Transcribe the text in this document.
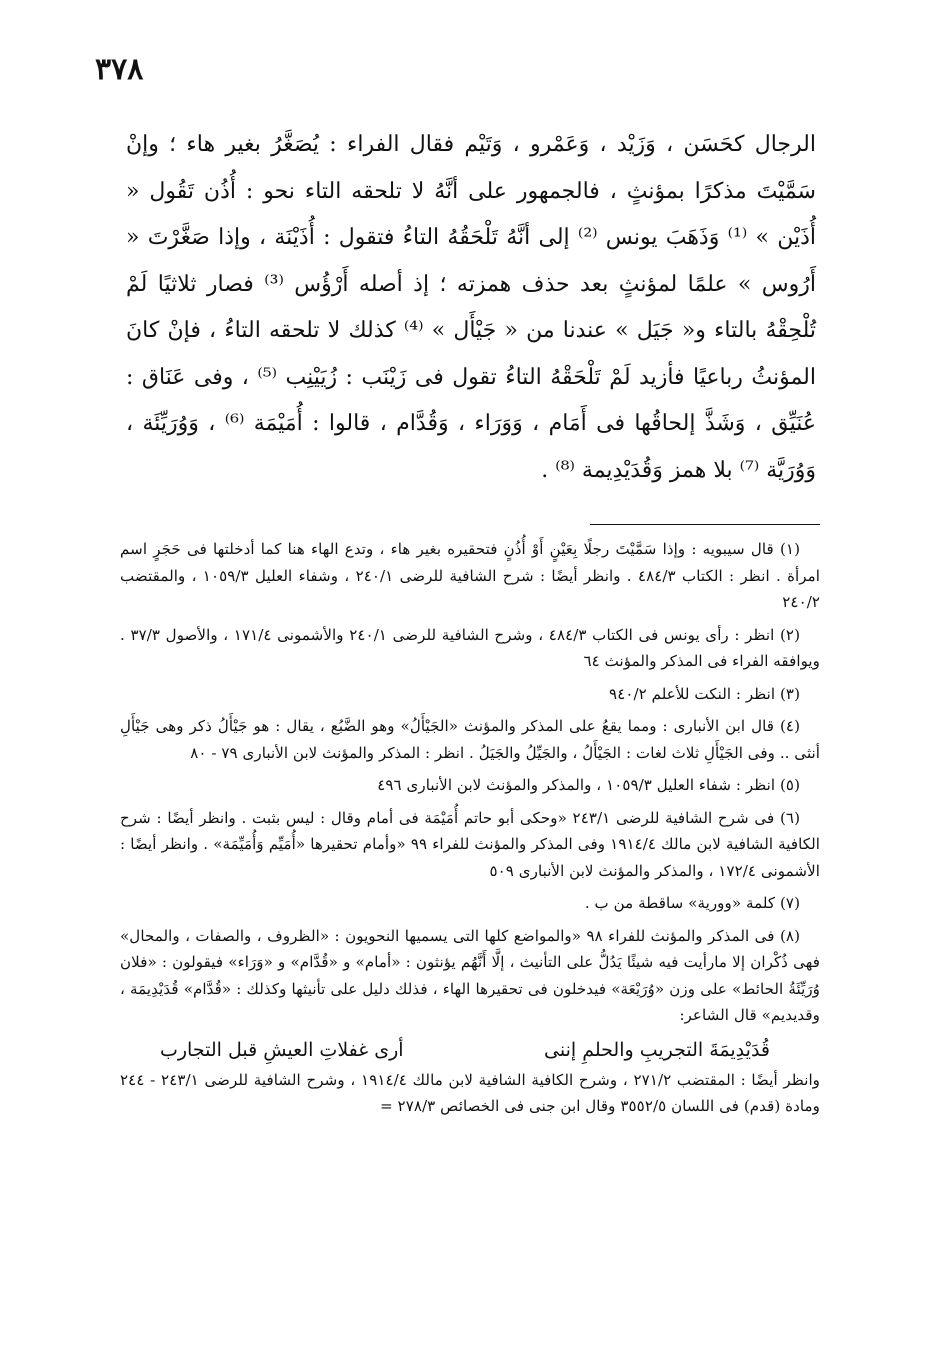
٣٧٨

الرجال كحَسَن ، وَزَيْد ، وَعَمْرو ، وَتَيْم فقال الفراء : يُصَغَّرُ بغير هاء ؛ وإنْ سَمَّيْتَ مذكرًا بمؤنثٍ ، فالجمهور على أنَّهُ لا تلحقه التاء نحو : أُذُن تَقُول « أُذَيْن » ⁽¹⁾ وَذَهَبَ يونس ⁽²⁾ إلى أنَّهُ تَلْحَقُهُ التاءُ فتقول : أُذَيْنَة ، وإذا صَغَّرْتَ « أَرُوس » علمًا لمؤنثٍ بعد حذف همزته ؛ إذ أصله أَرْؤُس ⁽³⁾ فصار ثلاثيًا لَمْ تُلْحِقْهُ بالتاء و« جَيَل » عندنا من « جَيْأَل » ⁽⁴⁾ كذلك لا تلحقه التاءُ ، فإنْ كانَ المؤنثُ رباعيًا فأزيد لَمْ تَلْحَقْهُ التاءُ تقول فى زَيْنَب : زُيَيْنِب ⁽⁵⁾ ، وفى عَنَاق : عُنَيِّق ، وَشَذَّ إلحاقُها فى أَمَام ، وَوَرَاء ، وَقُدَّام ، قالوا : أُمَيْمَة ⁽⁶⁾ ، وَوُرَيِّئَة ، وَوُرَيَّة ⁽⁷⁾ بلا همز وَقُدَيْدِيمة ⁽⁸⁾ .

(١) قال سيبويه : وإذا سَمَّيْتَ رجلًا بِعَيْنٍ أَوْ أُذُنٍ فتحقيره بغير هاء ، وتدع الهاء هنا كما أدخلتها فى حَجَرٍ اسم امرأة . انظر : الكتاب ٤٨٤/٣ . وانظر أيضًا : شرح الشافية للرضى ٢٤٠/١ ، وشفاء العليل ١٠٥٩/٣ ، والمقتضب ٢٤٠/٢

(٢) انظر : رأى يونس فى الكتاب ٤٨٤/٣ ، وشرح الشافية للرضى ٢٤٠/١ والأشمونى ١٧١/٤ ، والأصول ٣٧/٣ . ويوافقه الفراء فى المذكر والمؤنث ٦٤

(٣) انظر : النكت للأعلم ٩٤٠/٢

(٤) قال ابن الأنبارى : ومما يقعُ على المذكر والمؤنث «الجَيْأَلُ» وهو الضَّبُع ، يقال : هو جَيْأَلُ ذكر وهى جَيْأَلِ أنثى .. وفى الجَيْأَلِ ثلاث لغات : الجَيْأَلُ ، والجَيِّلُ والجَيَلُ . انظر : المذكر والمؤنث لابن الأنبارى ٧٩ - ٨٠

(٥) انظر : شفاء العليل ١٠٥٩/٣ ، والمذكر والمؤنث لابن الأنبارى ٤٩٦

(٦) فى شرح الشافية للرضى ٢٤٣/١ «وحكى أبو حاتم أُمَيْمَة فى أمام وقال : ليس بثبت . وانظر أيضًا : شرح الكافية الشافية لابن مالك ١٩١٤/٤ وفى المذكر والمؤنث للفراء ٩٩ «وأمام تحقيرها «أُمَيِّم وَأُمَيِّمَة» . وانظر أيضًا : الأشمونى ١٧٢/٤ ، والمذكر والمؤنث لابن الأنبارى ٥٠٩

(٧) كلمة «وورية» ساقطة من ب .

(٨) فى المذكر والمؤنث للفراء ٩٨ «والمواضع كلها التى يسميها النحويون : «الظروف ، والصفات ، والمحال» فهى ذُكْران إلا مارأيت فيه شيئًا يَدُلُّ على التأنيث ، إلَّا أَنَّهُم يؤنثون : «أمام» و «قُدَّام» و «وَرَاء» فيقولون : «فلان وُرَيِّئَةُ الحائط» على وزن «وُرَيْعَة» فيدخلون فى تحقيرها الهاء ، فذلك دليل على تأنيثها وكذلك : «قُدَّام» قُدَيْدِيمَة ، وقديديم» قال الشاعر:

قُدَيْدِيمَةَ التجريبِ والحلمِ إننى
أرى غفلاتِ العيشِ قبل التجارب

وانظر أيضًا : المقتضب ٢٧١/٢ ، وشرح الكافية الشافية لابن مالك ١٩١٤/٤ ، وشرح الشافية للرضى ٢٤٣/١ - ٢٤٤ ومادة (قدم) فى اللسان ٣٥٥٢/٥ وقال ابن جنى فى الخصائص ٢٧٨/٣ =
